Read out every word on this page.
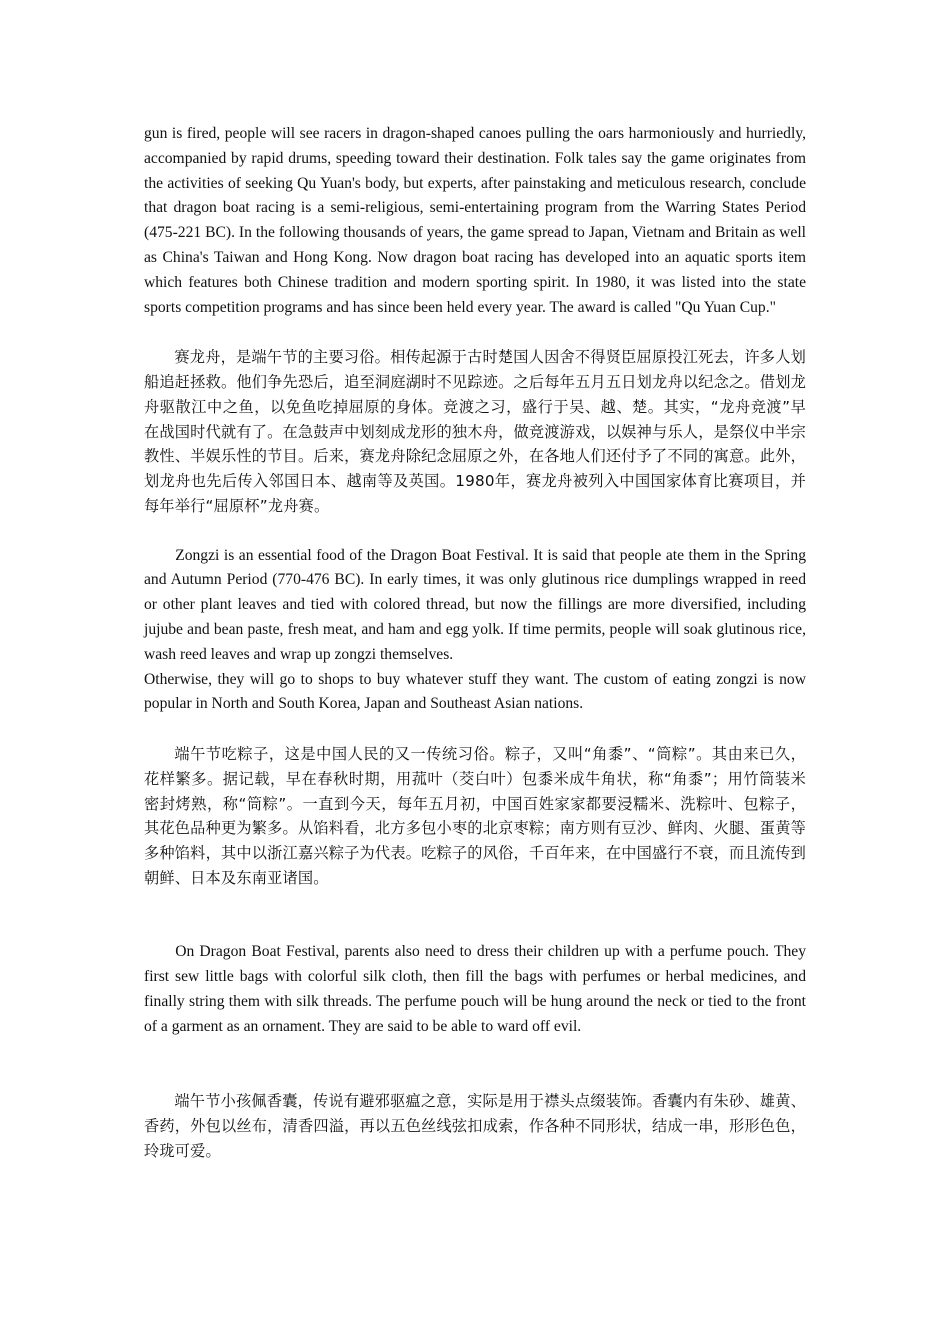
gun is fired, people will see racers in dragon-shaped canoes pulling the oars harmoniously and hurriedly, accompanied by rapid drums, speeding toward their destination. Folk tales say the game originates from the activities of seeking Qu Yuan's body, but experts, after painstaking and meticulous research, conclude that dragon boat racing is a semi-religious, semi-entertaining program from the Warring States Period (475-221 BC). In the following thousands of years, the game spread to Japan, Vietnam and Britain as well as China's Taiwan and Hong Kong. Now dragon boat racing has developed into an aquatic sports item which features both Chinese tradition and modern sporting spirit. In 1980, it was listed into the state sports competition programs and has since been held every year. The award is called "Qu Yuan Cup."

赛龙舟，是端午节的主要习俗。相传起源于古时楚国人因舍不得贤臣屈原投江死去，许多人划船追赶拯救。他们争先恐后，追至洞庭湖时不见踪迹。之后每年五月五日划龙舟以纪念之。借划龙舟驱散江中之鱼，以免鱼吃掉屈原的身体。竞渡之习，盛行于吴、越、楚。其实，“龙舟竞渡”早在战国时代就有了。在急鼓声中划刻成龙形的独木舟，做竞渡游戏，以娱神与乐人，是祭仪中半宗教性、半娱乐性的节目。后来，赛龙舟除纪念屈原之外，在各地人们还付予了不同的寓意。此外，划龙舟也先后传入邻国日本、越南等及英国。1980年，赛龙舟被列入中国国家体育比赛项目，并每年举行“屈原杯”龙舟赛。

Zongzi is an essential food of the Dragon Boat Festival. It is said that people ate them in the Spring and Autumn Period (770-476 BC). In early times, it was only glutinous rice dumplings wrapped in reed or other plant leaves and tied with colored thread, but now the fillings are more diversified, including jujube and bean paste, fresh meat, and ham and egg yolk. If time permits, people will soak glutinous rice, wash reed leaves and wrap up zongzi themselves.

Otherwise, they will go to shops to buy whatever stuff they want. The custom of eating zongzi is now popular in North and South Korea, Japan and Southeast Asian nations.

端午节吃粽子，这是中国人民的又一传统习俗。粽子，又叫“角黍”、“筒粽”。其由来已久，花样繁多。据记载，早在春秋时期，用菰叶（茭白叶）包黍米成牛角状，称“角黍”；用竹筒装米密封烤熟，称“筒粽”。一直到今天，每年五月初，中国百姓家家都要浸糯米、洗粽叶、包粽子，其花色品种更为繁多。从馅料看，北方多包小枣的北京枣粽；南方则有豆沙、鲜肉、火腿、蛋黄等多种馅料，其中以浙江嘉兴粽子为代表。吃粽子的风俗，千百年来，在中国盛行不衰，而且流传到朝鲜、日本及东南亚诸国。

On Dragon Boat Festival, parents also need to dress their children up with a perfume pouch. They first sew little bags with colorful silk cloth, then fill the bags with perfumes or herbal medicines, and finally string them with silk threads. The perfume pouch will be hung around the neck or tied to the front of a garment as an ornament. They are said to be able to ward off evil.

端午节小孩佩香囊，传说有避邪驱瘟之意，实际是用于襟头点缀装饰。香囊内有朱砂、雄黄、香药，外包以丝布，清香四溢，再以五色丝线弦扣成索，作各种不同形状，结成一串，形形色色，玲珑可爱。
